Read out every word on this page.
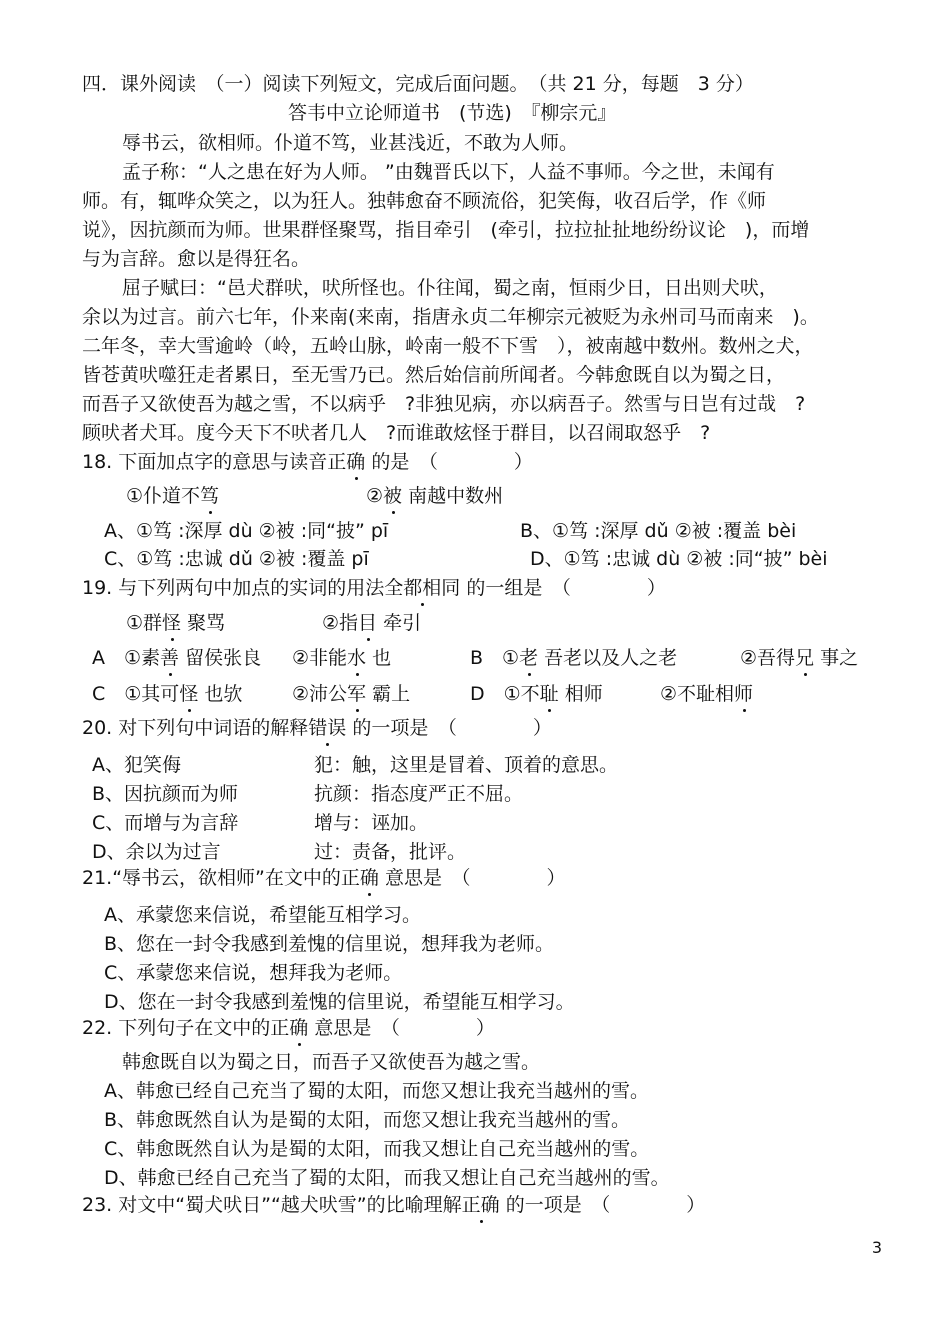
四．课外阅读　（一）阅读下列短文，完成后面问题。　（共 21 分，每题　3 分）
答韦中立论师道书　(节选)　『柳宗元』
辱书云，欲相师。仆道不笃，业甚浅近，不敢为人师。
孟子称：“人之患在好为人师。 ”由魏晋氏以下，人益不事师。今之世，未闻有
师。有，辄哗众笑之，以为狂人。独韩愈奋不顾流俗，犯笑侮，收召后学，作《师
说》，因抗颜而为师。世果群怪聚骂，指目牵引　(牵引，拉拉扯扯地纷纷议论　)，而增
与为言辞。愈以是得狂名。
屈子赋曰：“邑犬群吠，吠所怪也。仆往闻，蜀之南，恒雨少日，日出则犬吠，
余以为过言。前六七年，仆来南(来南，指唐永贞二年柳宗元被贬为永州司马而南来　)。
二年冬，幸大雪逾岭（岭，五岭山脉，岭南一般不下雪　），被南越中数州。数州之犬，
皆苍黄吠噬狂走者累日，至无雪乃已。然后始信前所闻者。今韩愈既自以为蜀之日，
而吾子又欲使吾为越之雪，不以病乎　?非独见病，亦以病吾子。然雪与日岂有过哉　?
顾吠者犬耳。度今天下不吠者几人　?而谁敢炫怪于群目，以召闹取怒乎　?
18. 下面加点字的意思与读音正确 的是　（　　　　）
①仆道不笃	②被 南越中数州
A、①笃 :深厚 dù ②被 :同“披” pī	B、①笃 :深厚 dǔ ②被 :覆盖 bèi
C、①笃 :忠诚 dǔ ②被 :覆盖 pī	D、①笃 :忠诚 dù ②被 :同“披” bèi
19. 与下列两句中加点的实词的用法全都相同 的一组是　（　　　　）
①群怪 聚骂	②指目 牵引
A　①素善 留侯张良 ②非能水 也	B　①老 吾老以及人之老	②吾得兄 事之
C　①其可怪 也欤	②沛公军 霸上	D　①不耻 相师	②不耻相师
20. 对下列句中词语的解释错误 的一项是　（　　　　）
A、犯笑侮	犯：触，这里是冒着、顶着的意思。
B、因抗颜而为师	抗颜：指态度严正不屈。
C、而增与为言辞	增与：诬加。
D、余以为过言	过：责备，批评。
21.“辱书云，欲相师”在文中的正确 意思是　（　　　　）
A、承蒙您来信说，希望能互相学习。
B、您在一封令我感到羞愧的信里说，想拜我为老师。
C、承蒙您来信说，想拜我为老师。
D、您在一封令我感到羞愧的信里说，希望能互相学习。
22. 下列句子在文中的正确 意思是　（　　　　）
韩愈既自以为蜀之日，而吾子又欲使吾为越之雪。
A、韩愈已经自己充当了蜀的太阳，而您又想让我充当越州的雪。
B、韩愈既然自认为是蜀的太阳，而您又想让我充当越州的雪。
C、韩愈既然自认为是蜀的太阳，而我又想让自己充当越州的雪。
D、韩愈已经自己充当了蜀的太阳，而我又想让自己充当越州的雪。
23. 对文中“蜀犬吠日”“越犬吠雪”的比喻理解正确 的一项是　（　　　　）
3
